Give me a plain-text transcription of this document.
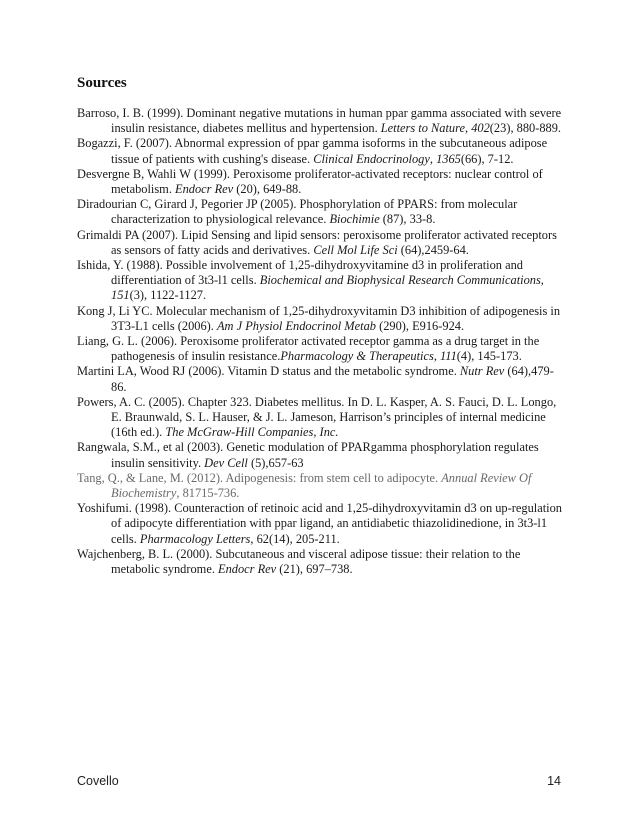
Sources

Barroso, I. B. (1999). Dominant negative mutations in human ppar gamma associated with severe insulin resistance, diabetes mellitus and hypertension. Letters to Nature, 402(23), 880-889.

Bogazzi, F. (2007). Abnormal expression of ppar gamma isoforms in the subcutaneous adipose tissue of patients with cushing's disease. Clinical Endocrinology, 1365(66), 7-12.

Desvergne B, Wahli W (1999). Peroxisome proliferator-activated receptors: nuclear control of metabolism. Endocr Rev (20), 649-88.

Diradourian C, Girard J, Pegorier JP (2005). Phosphorylation of PPARS: from molecular characterization to physiological relevance. Biochimie (87), 33-8.

Grimaldi PA (2007). Lipid Sensing and lipid sensors: peroxisome proliferator activated receptors as sensors of fatty acids and derivatives. Cell Mol Life Sci (64),2459-64.

Ishida, Y. (1988). Possible involvement of 1,25-dihydroxyvitamine d3 in proliferation and differentiation of 3t3-l1 cells. Biochemical and Biophysical Research Communications, 151(3), 1122-1127.

Kong J, Li YC. Molecular mechanism of 1,25-dihydroxyvitamin D3 inhibition of adipogenesis in 3T3-L1 cells (2006). Am J Physiol Endocrinol Metab (290), E916-924.

Liang, G. L. (2006). Peroxisome proliferator activated receptor gamma as a drug target in the pathogenesis of insulin resistance.Pharmacology & Therapeutics, 111(4), 145-173.

Martini LA, Wood RJ (2006). Vitamin D status and the metabolic syndrome. Nutr Rev (64),479-86.

Powers, A. C. (2005). Chapter 323. Diabetes mellitus. In D. L. Kasper, A. S. Fauci, D. L. Longo, E. Braunwald, S. L. Hauser, & J. L. Jameson, Harrison’s principles of internal medicine (16th ed.). The McGraw-Hill Companies, Inc.

Rangwala, S.M., et al (2003). Genetic modulation of PPARgamma phosphorylation regulates insulin sensitivity. Dev Cell (5),657-63

Tang, Q., & Lane, M. (2012). Adipogenesis: from stem cell to adipocyte. Annual Review Of Biochemistry, 81715-736.

Yoshifumi. (1998). Counteraction of retinoic acid and 1,25-dihydroxyvitamin d3 on up-regulation of adipocyte differentiation with ppar ligand, an antidiabetic thiazolidinedione, in 3t3-l1 cells. Pharmacology Letters, 62(14), 205-211.

Wajchenberg, B. L. (2000). Subcutaneous and visceral adipose tissue: their relation to the metabolic syndrome. Endocr Rev (21), 697–738.

Covello	14
